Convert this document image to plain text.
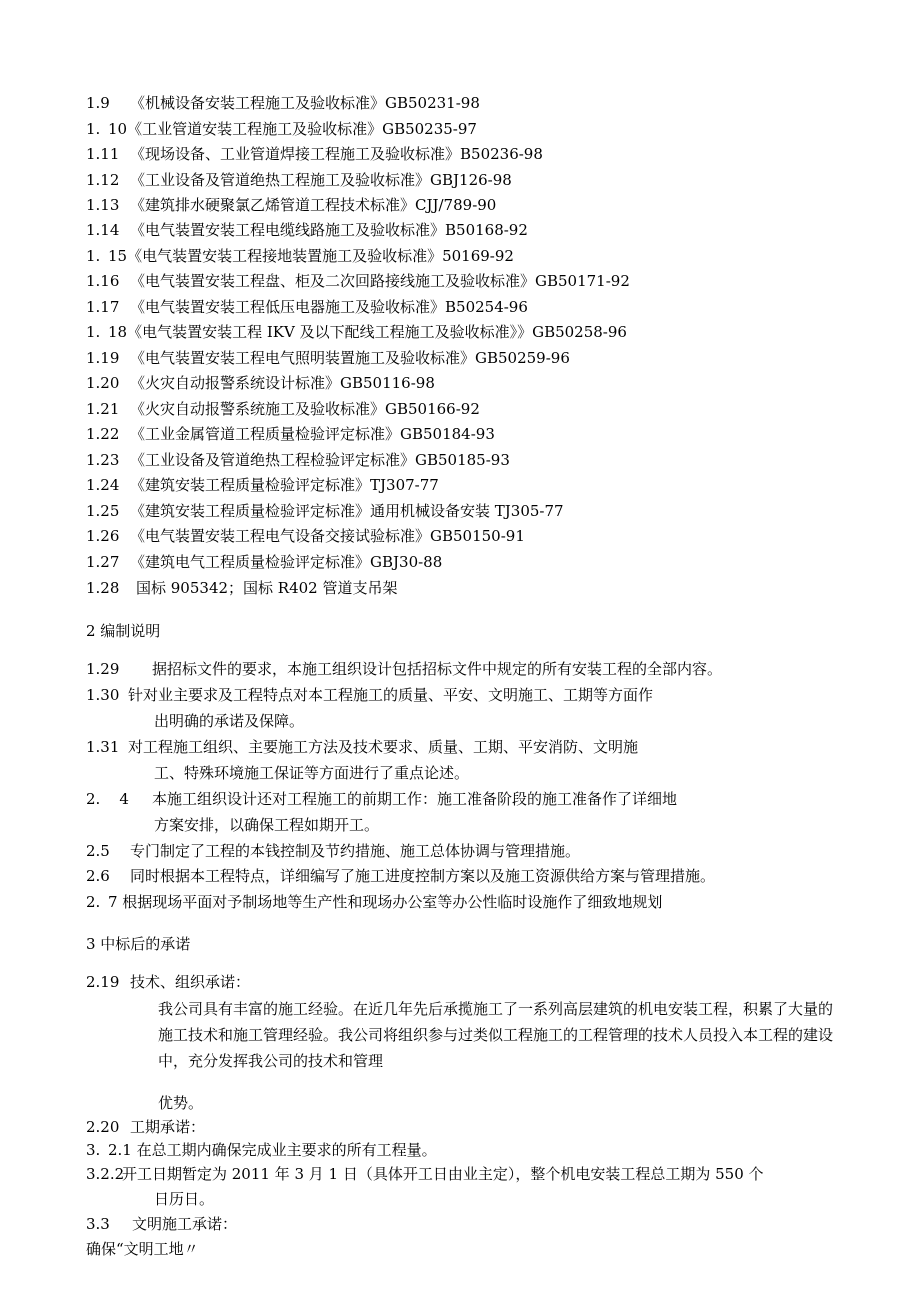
1.9 《机械设备安装工程施工及验收标准》GB50231-98
1. 10《工业管道安装工程施工及验收标准》GB50235-97
1.11 《现场设备、工业管道焊接工程施工及验收标准》B50236-98
1.12 《工业设备及管道绝热工程施工及验收标准》GBJ126-98
1.13 《建筑排水硬聚氯乙烯管道工程技术标准》CJJ/789-90
1.14 《电气装置安装工程电缆线路施工及验收标准》B50168-92
1. 15《电气装置安装工程接地装置施工及验收标准》50169-92
1.16 《电气装置安装工程盘、柜及二次回路接线施工及验收标准》GB50171-92
1.17 《电气装置安装工程低压电器施工及验收标准》B50254-96
1. 18《电气装置安装工程 IKV 及以下配线工程施工及验收标准》》GB50258-96
1.19 《电气装置安装工程电气照明装置施工及验收标准》GB50259-96
1.20 《火灾自动报警系统设计标准》GB50116-98
1.21 《火灾自动报警系统施工及验收标准》GB50166-92
1.22 《工业金属管道工程质量检验评定标准》GB50184-93
1.23 《工业设备及管道绝热工程检验评定标准》GB50185-93
1.24 《建筑安装工程质量检验评定标准》TJ307-77
1.25 《建筑安装工程质量检验评定标准》通用机械设备安装 TJ305-77
1.26 《电气装置安装工程电气设备交接试验标准》GB50150-91
1.27 《建筑电气工程质量检验评定标准》GBJ30-88
1.28 国标 905342；国标 R402 管道支吊架
2 编制说明
1.29 据招标文件的要求，本施工组织设计包括招标文件中规定的所有安装工程的全部内容。
1.30 针对业主要求及工程特点对本工程施工的质量、平安、文明施工、工期等方面作
出明确的承诺及保障。
1.31 对工程施工组织、主要施工方法及技术要求、质量、工期、平安消防、文明施
工、特殊环境施工保证等方面进行了重点论述。
2.    4 本施工组织设计还对工程施工的前期工作：施工准备阶段的施工准备作了详细地
方案安排，以确保工程如期开工。
2.5 专门制定了工程的本钱控制及节约措施、施工总体协调与管理措施。
2.6 同时根据本工程特点，详细编写了施工进度控制方案以及施工资源供给方案与管理措施。
2. 7 根据现场平面对予制场地等生产性和现场办公室等办公性临时设施作了细致地规划
3 中标后的承诺
2.19 技术、组织承诺：
我公司具有丰富的施工经验。在近几年先后承揽施工了一系列高层建筑的机电安装工程，积累了大量的施工技术和施工管理经验。我公司将组织参与过类似工程施工的工程管理的技术人员投入本工程的建设中，充分发挥我公司的技术和管理
优势。
2.20 工期承诺：
3. 2.1 在总工期内确保完成业主要求的所有工程量。
3.2.2
开工日期暂定为 2011 年 3 月 1 日（具体开工日由业主定），整个机电安装工程总工期为 550 个
日历日。
3.3 文明施工承诺：
确保“文明工地〃
